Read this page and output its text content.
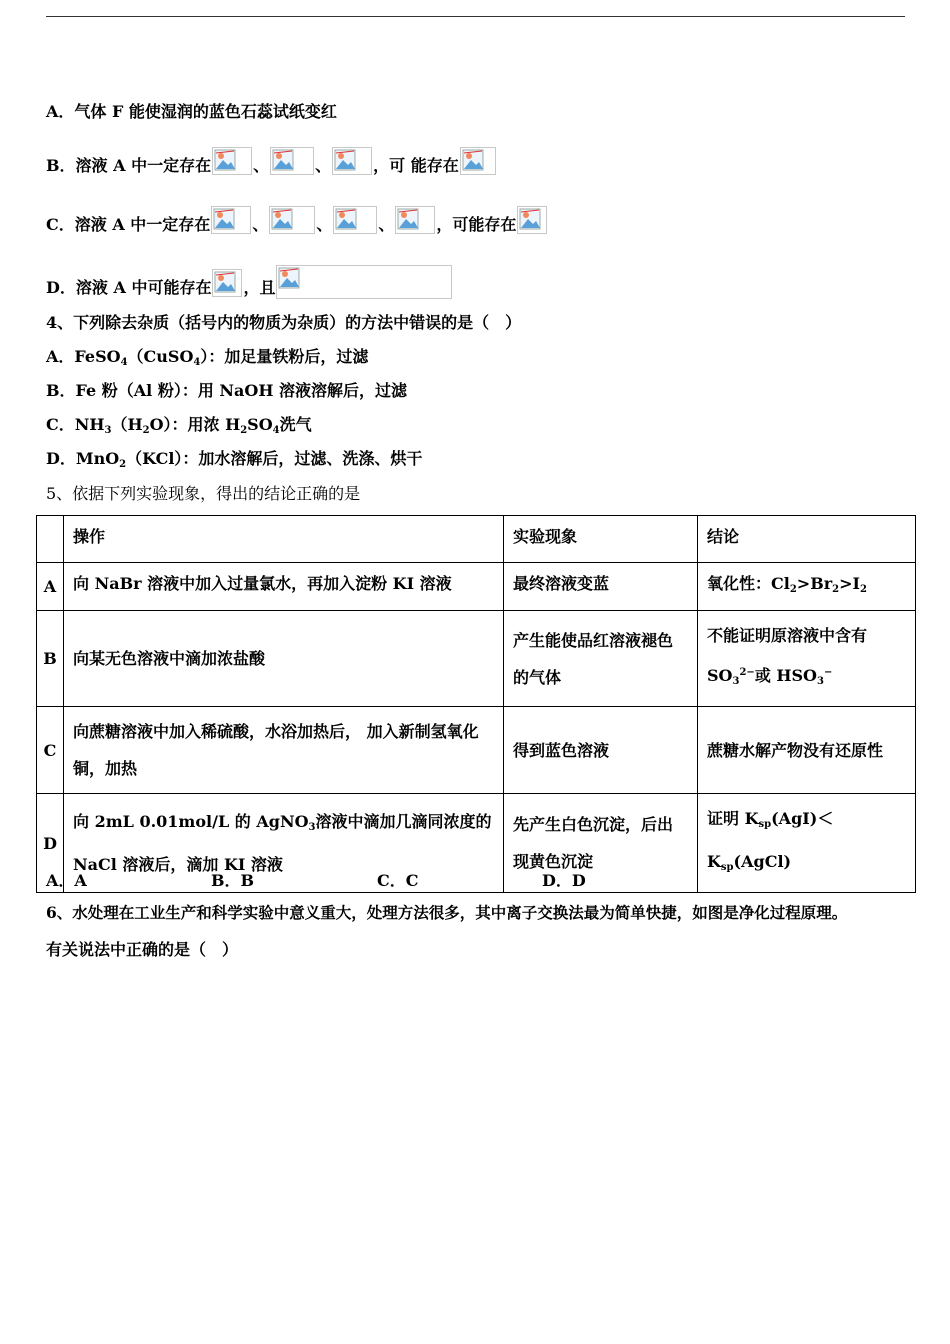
A．气体 F 能使湿润的蓝色石蕊试纸变红
B．溶液 A 中一定存在	、	、	，可 能存在
C．溶液 A 中一定存在	、	、	、	，可能存在
D．溶液 A 中可能存在 ，且
4、下列除去杂质（括号内的物质为杂质）的方法中错误的是（　）
A．FeSO$_4$（CuSO$_4$）：加足量铁粉后，过滤
B．Fe 粉（Al 粉）：用 NaOH 溶液溶解后，过滤
C．$NH_3(H_2O)$：用浓 $H_2SO_4$洗气
D．MnO$_2$（KCl）：加水溶解后，过滤、洗涤、烘干
5、依据下列实验现象，得出的结论正确的是
	操作	实验现象	结论
A	向 NaBr 溶液中加入过量氯水，再加入淀粉 KI 溶液	最终溶液变蓝	氧化性：$Cl_2>Br_2>I_2$
B	向某无色溶液中滴加浓盐酸	产生能使品红溶液褪色的气体	不能证明原溶液中含有
$SO_3^{2-}$或 $HSO_3^-$
C	向蔗糖溶液中加入稀硫酸，水浴加热后， 加入新制氢氧化铜，加热	得到蓝色溶液	蔗糖水解产物没有还原性
D	向 2mL 0.01mol/L 的 AgNO$_3$溶液中滴加几滴同浓度的 NaCl 溶液后，滴加 KI 溶液	先产生白色沉淀，后出现黄色沉淀	证明 $K_{sp}(AgI)<K_{sp}(AgCl)$
A．A	B．B	C．C	D．D
6、水处理在工业生产和科学实验中意义重大，处理方法很多，其中离子交换法最为简单快捷，如图是净化过程原理。
有关说法中正确的是（　）
